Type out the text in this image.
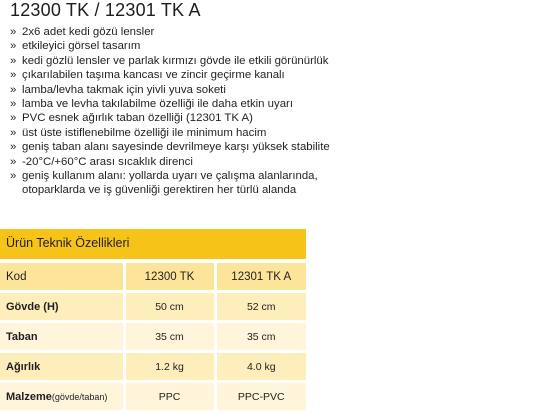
12300 TK / 12301 TK A
» 2x6 adet kedi gözü lensler
» etkileyici görsel tasarım
» kedi gözlü lensler ve parlak kırmızı gövde ile etkili görünürlük
» çıkarılabilen taşıma kancası ve zincir geçirme kanalı
» lamba/levha takmak için yivli yuva soketi
» lamba ve levha takılabilme özelliği ile daha etkin uyarı
» PVC esnek ağırlık taban özelliği (12301 TK A)
» üst üste istiflenebilme özelliği ile minimum hacim
» geniş taban alanı sayesinde devrilmeye karşı yüksek stabilite
» -20°C/+60°C arası sıcaklık direnci
» geniş kullanım alanı: yollarda uyarı ve çalışma alanlarında,
otoparklarda ve iş güvenliği gerektiren her türlü alanda
Ürün Teknik Özellikleri
Kod	12300 TK	12301 TK A
Gövde (H)	50 cm	52 cm
Taban	35 cm	35 cm
Ağırlık	1.2 kg	4.0 kg
Malzeme(gövde/taban)	PPC	PPC-PVC
